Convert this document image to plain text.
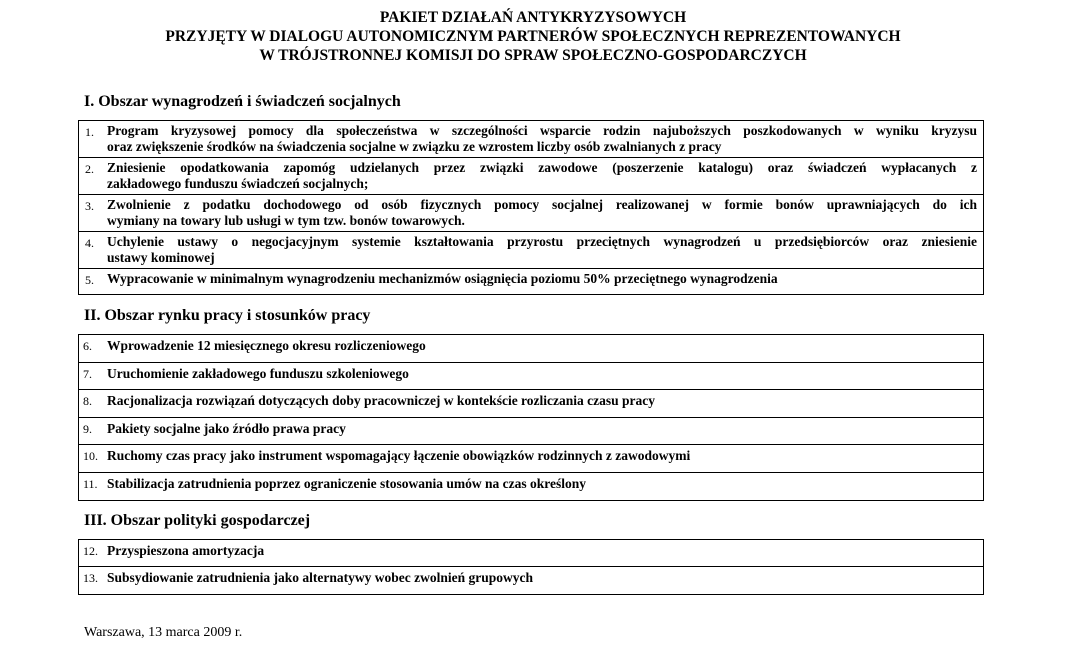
PAKIET DZIAŁAŃ ANTYKRYZYSOWYCH
PRZYJĘTY W DIALOGU AUTONOMICZNYM PARTNERÓW SPOŁECZNYCH REPREZENTOWANYCH
W TRÓJSTRONNEJ KOMISJI DO SPRAW SPOŁECZNO-GOSPODARCZYCH
I. Obszar wynagrodzeń i świadczeń socjalnych
1. Program kryzysowej pomocy dla społeczeństwa w szczególności wsparcie rodzin najuboższych poszkodowanych w wyniku kryzysu
oraz zwiększenie środków na świadczenia socjalne w związku ze wzrostem liczby osób zwalnianych z pracy
2. Zniesienie opodatkowania zapomóg udzielanych przez związki zawodowe (poszerzenie katalogu) oraz świadczeń wypłacanych z
zakładowego funduszu świadczeń socjalnych;
3. Zwolnienie z podatku dochodowego od osób fizycznych pomocy socjalnej realizowanej w formie bonów uprawniających do ich
wymiany na towary lub usługi w tym tzw. bonów towarowych.
4. Uchylenie ustawy o negocjacyjnym systemie kształtowania przyrostu przeciętnych wynagrodzeń u przedsiębiorców oraz zniesienie
ustawy kominowej
5. Wypracowanie w minimalnym wynagrodzeniu mechanizmów osiągnięcia poziomu 50% przeciętnego wynagrodzenia
II. Obszar rynku pracy i stosunków pracy
6.	Wprowadzenie 12 miesięcznego okresu rozliczeniowego
7.	Uruchomienie zakładowego funduszu szkoleniowego
8.	Racjonalizacja rozwiązań dotyczących doby pracowniczej w kontekście rozliczania czasu pracy
9.	Pakiety socjalne jako źródło prawa pracy
10. Ruchomy czas pracy jako instrument wspomagający łączenie obowiązków rodzinnych z zawodowymi
11. Stabilizacja zatrudnienia poprzez ograniczenie stosowania umów na czas określony
III. Obszar polityki gospodarczej
12. Przyspieszona amortyzacja
13. Subsydiowanie zatrudnienia jako alternatywy wobec zwolnień grupowych
Warszawa, 13 marca 2009 r.
